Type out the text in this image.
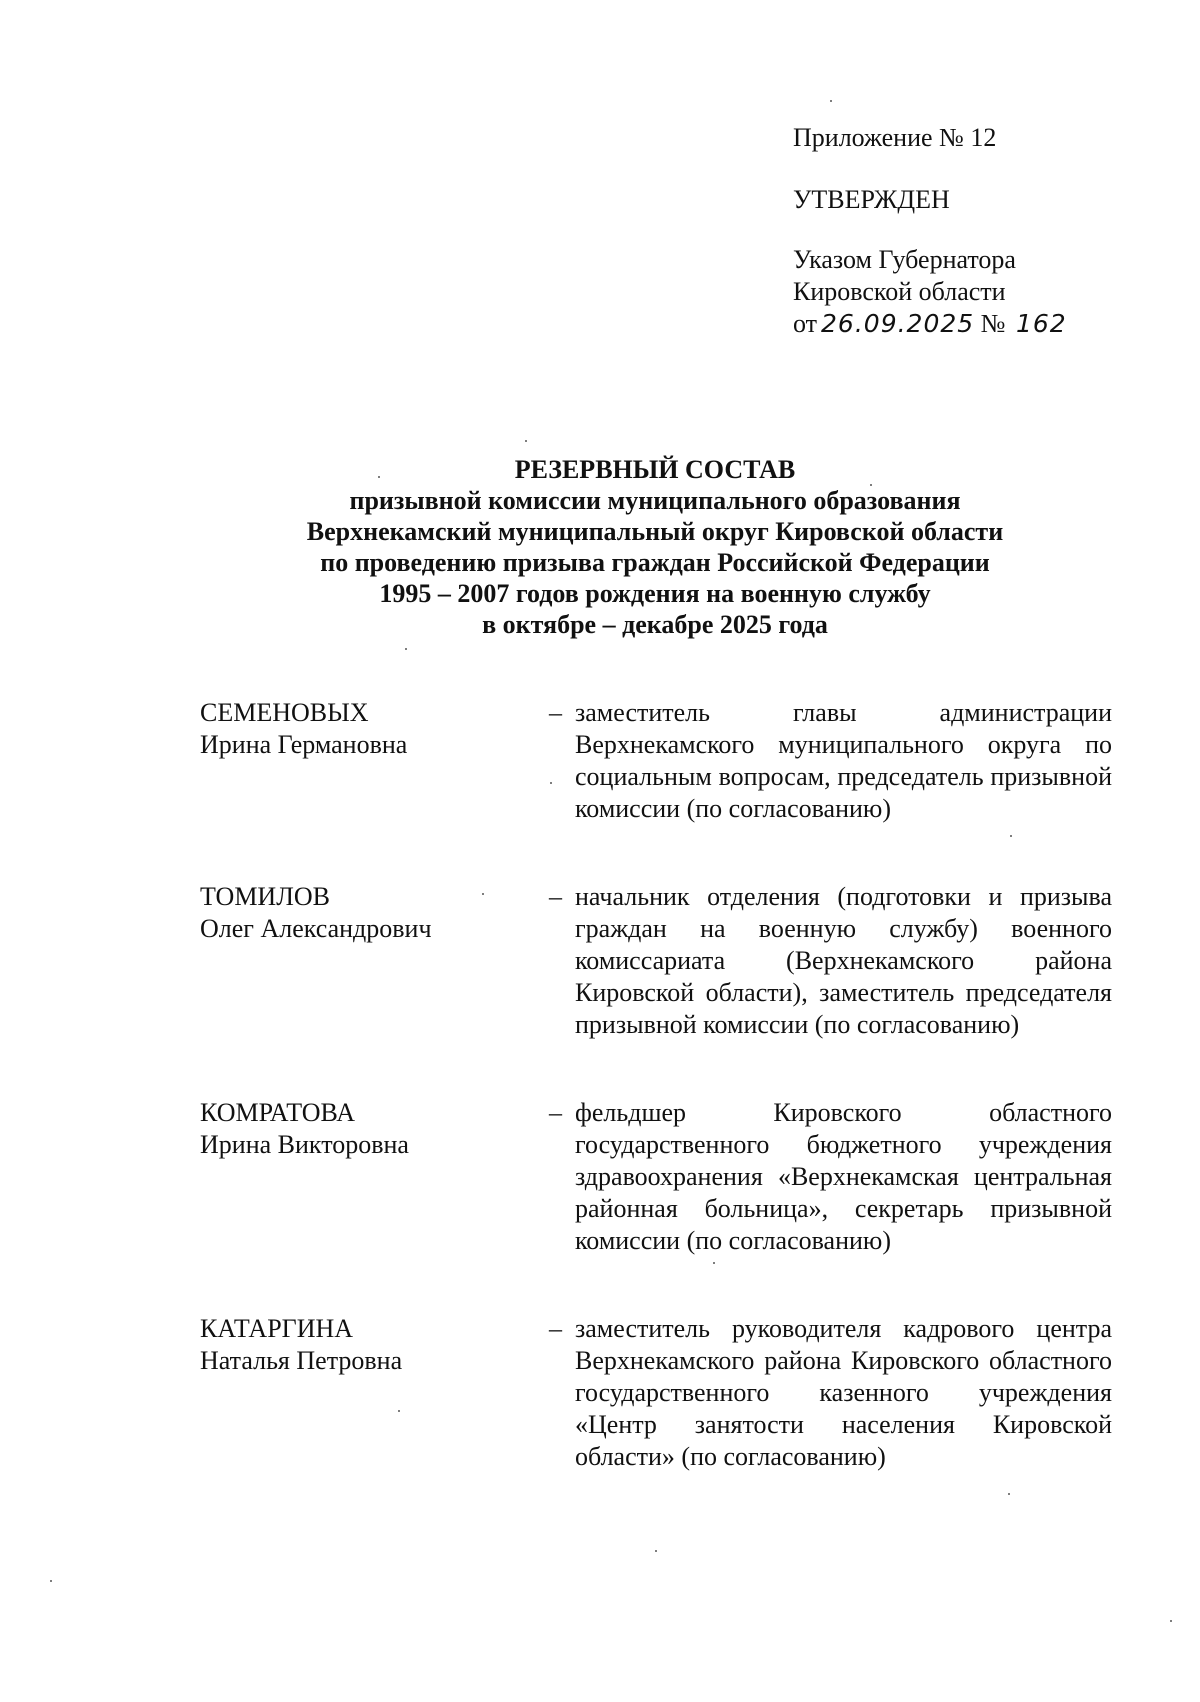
Приложение № 12
УТВЕРЖДЕН
Указом Губернатора
Кировской области
от 26.09.2025 № 162
РЕЗЕРВНЫЙ СОСТАВ
призывной комиссии муниципального образования
Верхнекамский муниципальный округ Кировской области
по проведению призыва граждан Российской Федерации
1995 – 2007 годов рождения на военную службу
в октябре – декабре 2025 года
СЕМЕНОВЫХ
Ирина Германовна
– заместитель главы администрации Верхнекамского муниципального округа по социальным вопросам, председатель призывной комиссии (по согласованию)
ТОМИЛОВ
Олег Александрович
– начальник отделения (подготовки и призыва граждан на военную службу) военного комиссариата (Верхнекамского района Кировской области), заместитель председателя призывной комиссии (по согласованию)
КОМРАТОВА
Ирина Викторовна
– фельдшер Кировского областного государственного бюджетного учреждения здравоохранения «Верхнекамская центральная районная больница», секретарь призывной комиссии (по согласованию)
КАТАРГИНА
Наталья Петровна
– заместитель руководителя кадрового центра Верхнекамского района Кировского областного государственного казенного учреждения «Центр занятости населения Кировской области» (по согласованию)
